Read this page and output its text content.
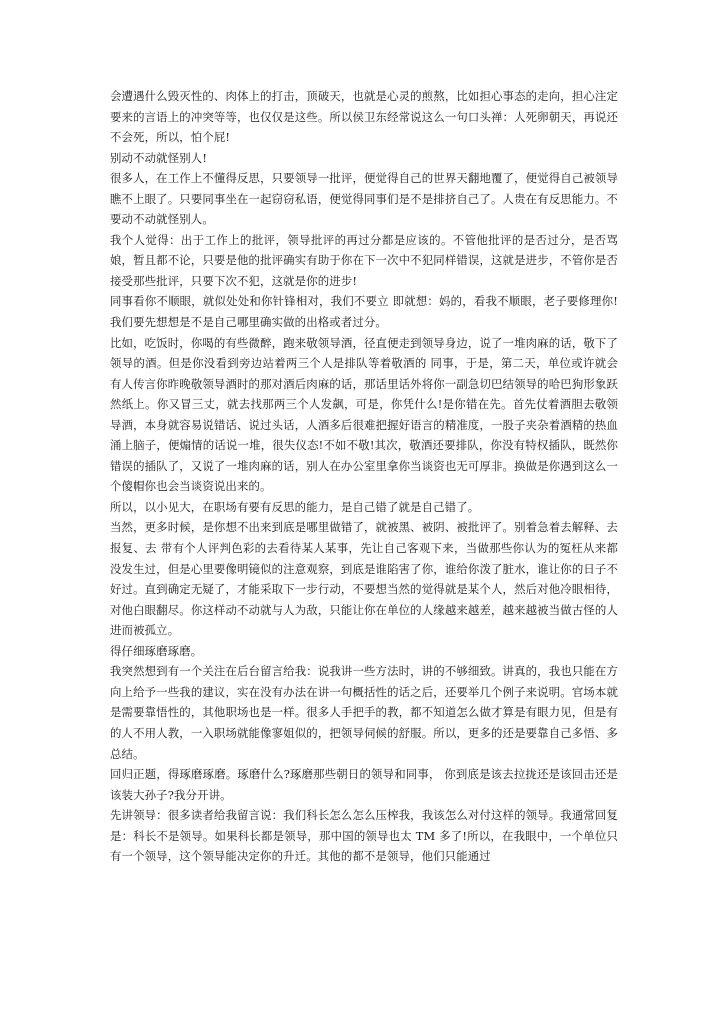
会遭遇什么毁灭性的、肉体上的打击，顶破天，也就是心灵的煎熬，比如担心事态的走向，担心注定要来的言语上的冲突等等，也仅仅是这些。所以侯卫东经常说这么一句口头禅：人死卵朝天，再说还不会死，所以，怕个屁!

别动不动就怪别人!

很多人，在工作上不懂得反思，只要领导一批评，便觉得自己的世界天翻地覆了，便觉得自己被领导瞧不上眼了。只要同事坐在一起窃窃私语，便觉得同事们是不是排挤自己了。人贵在有反思能力。不要动不动就怪别人。

我个人觉得：出于工作上的批评，领导批评的再过分都是应该的。不管他批评的是否过分，是否骂娘，暂且都不论，只要是他的批评确实有助于你在下一次中不犯同样错误，这就是进步，不管你是否接受那些批评，只要下次不犯，这就是你的进步!

同事看你不顺眼，就似处处和你针锋相对，我们不要立 即就想：妈的，看我不顺眼，老子要修理你!我们要先想想是不是自己哪里确实做的出格或者过分。

比如，吃饭时，你喝的有些微醉，跑来敬领导酒，径直便走到领导身边，说了一堆肉麻的话，敬下了领导的酒。但是你没看到旁边站着两三个人是排队等着敬酒的 同事，于是，第二天，单位或许就会有人传言你昨晚敬领导酒时的那对酒后肉麻的话，那话里话外将你一副急切巴结领导的哈巴狗形象跃然纸上。你又冒三丈，就去找那两三个人发飙，可是，你凭什么!是你错在先。首先仗着酒胆去敬领导酒，本身就容易说错话、说过头话，人酒多后很难把握好语言的精准度，一股子夹杂着酒精的热血涌上脑子，便煽情的话说一堆，很失仪态!不如不敬!其次，敬酒还要排队，你没有特权插队，既然你错误的插队了，又说了一堆肉麻的话，别人在办公室里拿你当谈资也无可厚非。换做是你遇到这么一个傻帽你也会当谈资说出来的。

所以，以小见大，在职场有要有反思的能力，是自己错了就是自己错了。

当然，更多时候，是你想不出来到底是哪里做错了，就被黑、被阴、被批评了。别着急着去解释、去报复、去 带有个人评判色彩的去看待某人某事，先让自己客观下来，当做那些你认为的冤枉从来都没发生过，但是心里要像明镜似的注意观察，到底是谁陷害了你，谁给你泼了脏水，谁让你的日子不好过。直到确定无疑了，才能采取下一步行动，不要想当然的觉得就是某个人，然后对他冷眼相待，对他白眼翻尽。你这样动不动就与人为敌，只能让你在单位的人缘越来越差，越来越被当做古怪的人进而被孤立。

得仔细琢磨琢磨。

我突然想到有一个关注在后台留言给我：说我讲一些方法时，讲的不够细致。讲真的，我也只能在方向上给予一些我的建议，实在没有办法在讲一句概括性的话之后，还要举几个例子来说明。官场本就是需要靠悟性的，其他职场也是一样。很多人手把手的教，都不知道怎么做才算是有眼力见，但是有的人不用人教，一入职场就能像寥姐似的，把领导伺候的舒服。所以，更多的还是要靠自己多悟、多总结。

回归正题，得琢磨琢磨。琢磨什么?琢磨那些朝日的领导和同事， 你到底是该去拉拢还是该回击还是该装大孙子?我分开讲。

先讲领导：很多读者给我留言说：我们科长怎么怎么压榨我，我该怎么对付这样的领导。我通常回复是：科长不是领导。如果科长都是领导，那中国的领导也太 TM 多了!所以，在我眼中，一个单位只有一个领导，这个领导能决定你的升迁。其他的都不是领导，他们只能通过
